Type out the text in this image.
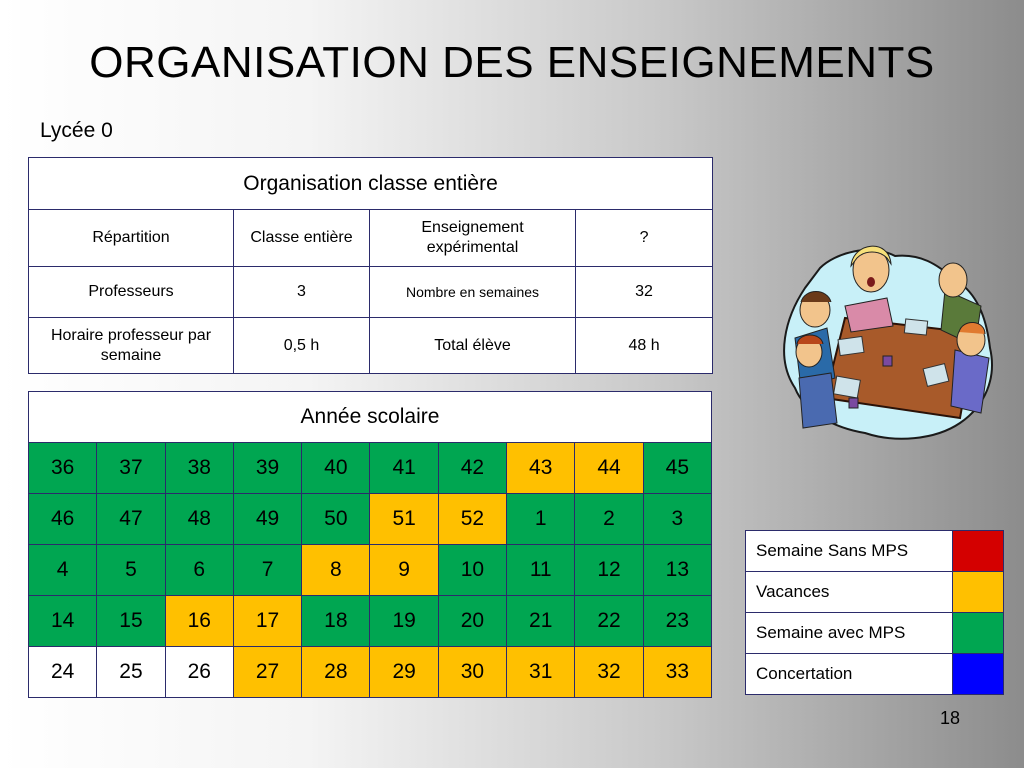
ORGANISATION DES ENSEIGNEMENTS
Lycée 0
Organisation classe entière			
Répartition	Classe entière	Enseignement expérimental	?
Professeurs	3	Nombre en semaines	32
Horaire professeur par semaine	0,5 h	Total élève	48 h
Année scolaire									
36	37	38	39	40	41	42	43	44	45
46	47	48	49	50	51	52	1	2	3
4	5	6	7	8	9	10	11	12	13
14	15	16	17	18	19	20	21	22	23
24	25	26	27	28	29	30	31	32	33
Semaine Sans MPS	
Vacances	
Semaine avec MPS	
Concertation	
18
